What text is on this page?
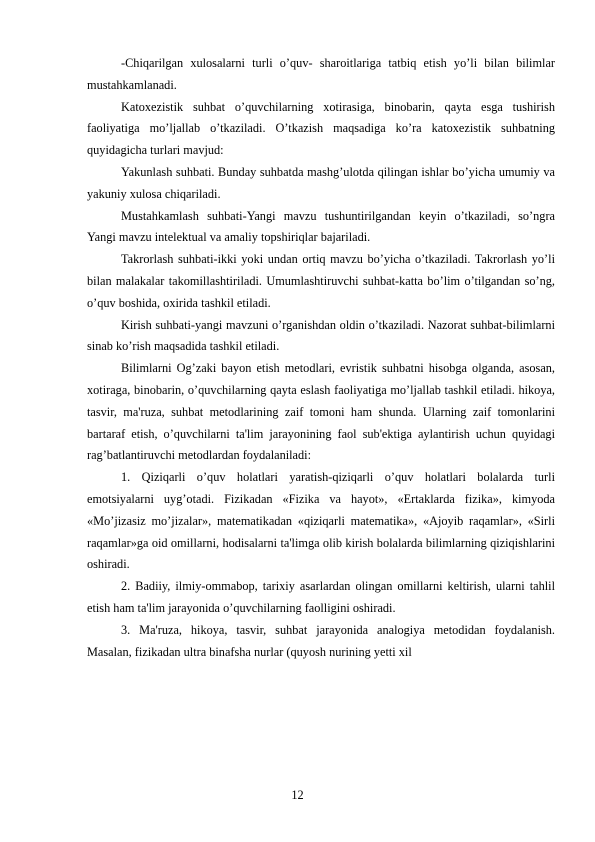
-Chiqarilgan xulosalarni turli o’quv- sharoitlariga tatbiq etish yo’li bilan bilimlar mustahkamlanadi.

Katoxezistik suhbat o’quvchilarning xotirasiga, binobarin, qayta esga tushirish faoliyatiga mo’ljallab o’tkaziladi. O’tkazish maqsadiga ko’ra katoxezistik suhbatning quyidagicha turlari mavjud:

Yakunlash suhbati. Bunday suhbatda mashg’ulotda qilingan ishlar bo’yicha umumiy va yakuniy xulosa chiqariladi.

Mustahkamlash suhbati-Yangi mavzu tushuntirilgandan keyin o’tkaziladi, so’ngra Yangi mavzu intelektual va amaliy topshiriqlar bajariladi.

Takrorlash suhbati-ikki yoki undan ortiq mavzu bo’yicha o’tkaziladi. Takrorlash yo’li bilan malakalar takomillashtiriladi. Umumlashtiruvchi suhbat-katta bo’lim o’tilgandan so’ng, o’quv boshida, oxirida tashkil etiladi.

Kirish suhbati-yangi mavzuni o’rganishdan oldin o’tkaziladi. Nazorat suhbat-bilimlarni sinab ko’rish maqsadida tashkil etiladi.

Bilimlarni Og’zaki bayon etish metodlari, evristik suhbatni hisobga olganda, asosan, xotiraga, binobarin, o’quvchilarning qayta eslash faoliyatiga mo’ljallab tashkil etiladi. hikoya, tasvir, ma'ruza, suhbat metodlarining zaif tomoni ham shunda. Ularning zaif tomonlarini bartaraf etish, o’quvchilarni ta'lim jarayonining faol sub'ektiga aylantirish uchun quyidagi rag’batlantiruvchi metodlardan foydalaniladi:

1. Qiziqarli o’quv holatlari yaratish-qiziqarli o’quv holatlari bolalarda turli emotsiyalarni uyg’otadi. Fizikadan «Fizika va hayot», «Ertaklarda fizika», kimyoda «Mo’jizasiz mo’jizalar», matematikadan «qiziqarli matematika», «Ajoyib raqamlar», «Sirli raqamlar»ga oid omillarni, hodisalarni ta'limga olib kirish bolalarda bilimlarning qiziqishlarini oshiradi.

2. Badiiy, ilmiy-ommabop, tarixiy asarlardan olingan omillarni keltirish, ularni tahlil etish ham ta'lim jarayonida o’quvchilarning faolligini oshiradi.

3. Ma'ruza, hikoya, tasvir, suhbat jarayonida analogiya metodidan foydalanish. Masalan, fizikadan ultra binafsha nurlar (quyosh nurining yetti xil

12
